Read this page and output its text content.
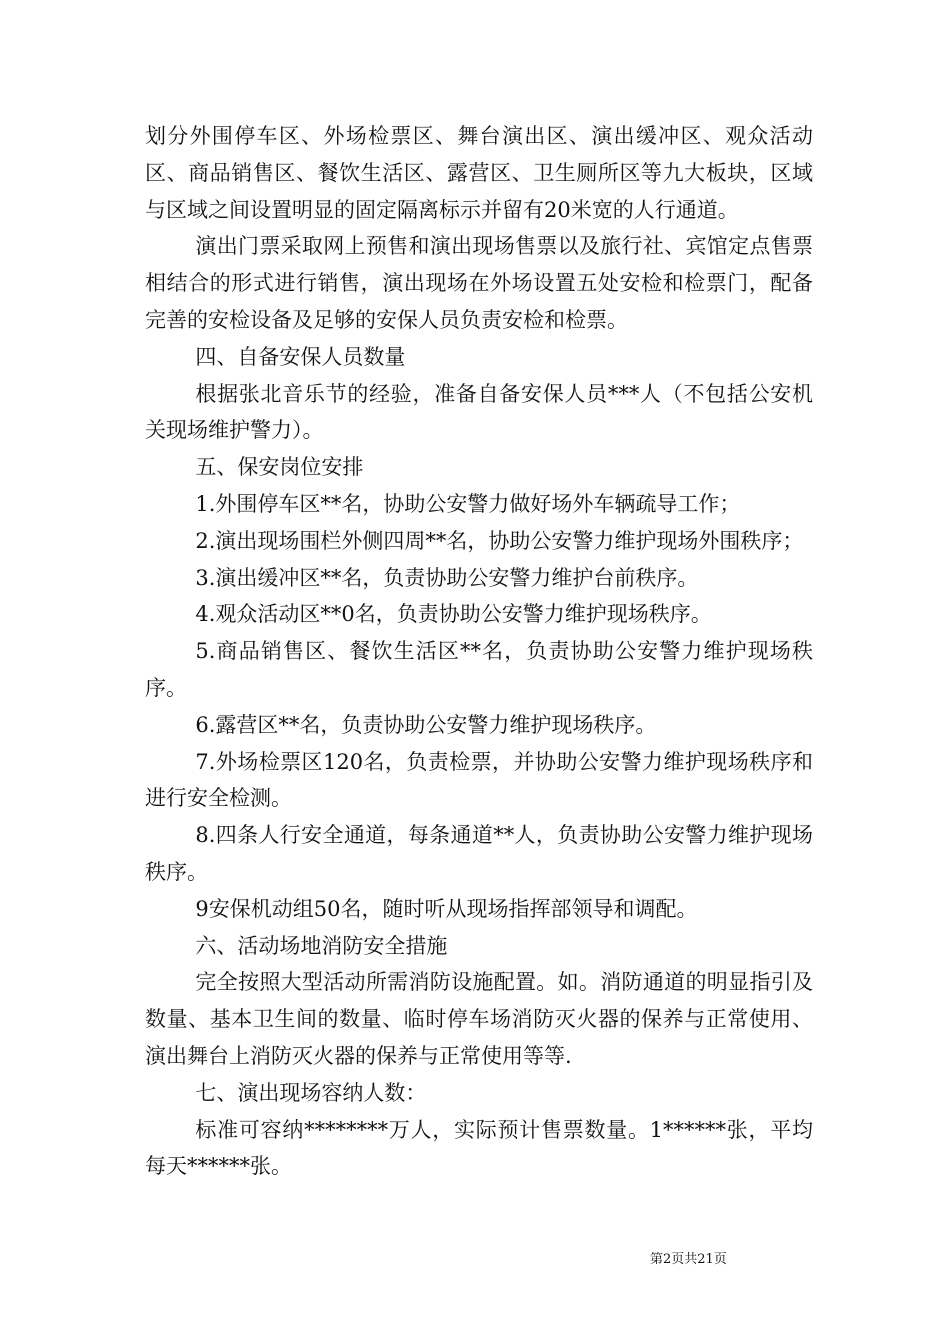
划分外围停车区、外场检票区、舞台演出区、演出缓冲区、观众活动区、商品销售区、餐饮生活区、露营区、卫生厕所区等九大板块，区域与区域之间设置明显的固定隔离标示并留有20米宽的人行通道。

演出门票采取网上预售和演出现场售票以及旅行社、宾馆定点售票相结合的形式进行销售，演出现场在外场设置五处安检和检票门，配备完善的安检设备及足够的安保人员负责安检和检票。

四、自备安保人员数量

根据张北音乐节的经验，准备自备安保人员***人（不包括公安机关现场维护警力）。

五、保安岗位安排

1.外围停车区**名，协助公安警力做好场外车辆疏导工作；

2.演出现场围栏外侧四周**名，协助公安警力维护现场外围秩序；

3.演出缓冲区**名，负责协助公安警力维护台前秩序。

4.观众活动区**0名，负责协助公安警力维护现场秩序。

5.商品销售区、餐饮生活区**名，负责协助公安警力维护现场秩序。

6.露营区**名，负责协助公安警力维护现场秩序。

7.外场检票区120名，负责检票，并协助公安警力维护现场秩序和进行安全检测。

8.四条人行安全通道，每条通道**人，负责协助公安警力维护现场秩序。

9安保机动组50名，随时听从现场指挥部领导和调配。

六、活动场地消防安全措施

完全按照大型活动所需消防设施配置。如。消防通道的明显指引及数量、基本卫生间的数量、临时停车场消防灭火器的保养与正常使用、演出舞台上消防灭火器的保养与正常使用等等.

七、演出现场容纳人数：

标准可容纳********万人，实际预计售票数量。1******张，平均每天******张。

第2页共21页
